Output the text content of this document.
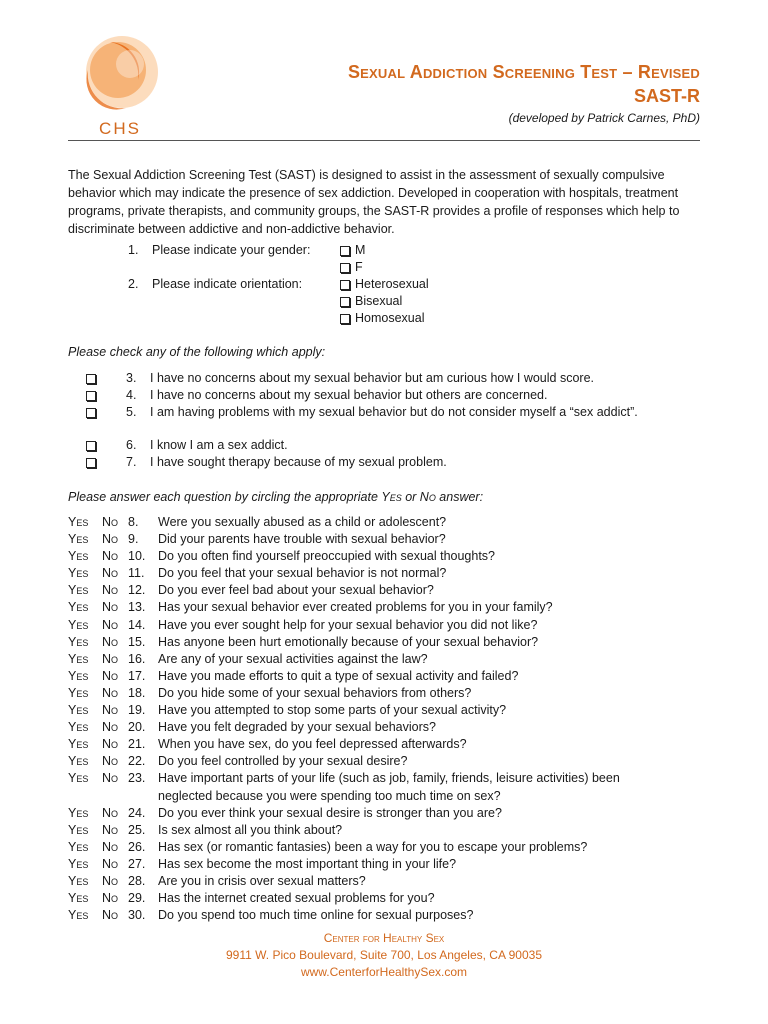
CHS
Sexual Addiction Screening Test – Revised
SAST-R
(developed by Patrick Carnes, PhD)
The Sexual Addiction Screening Test (SAST) is designed to assist in the assessment of sexually compulsive behavior which may indicate the presence of sex addiction. Developed in cooperation with hospitals, treatment programs, private therapists, and community groups, the SAST-R provides a profile of responses which help to discriminate between addictive and non-addictive behavior.
1.	Please indicate your gender:	M
F
2.	Please indicate orientation:	Heterosexual
Bisexual
Homosexual
Please check any of the following which apply:
3.	I have no concerns about my sexual behavior but am curious how I would score.
4.	I have no concerns about my sexual behavior but others are concerned.
5.	I am having problems with my sexual behavior but do not consider myself a “sex addict”.
6.	I know I am a sex addict.
7.	I have sought therapy because of my sexual problem.
Please answer each question by circling the appropriate Yes or No answer:
Yes	No 8.	Were you sexually abused as a child or adolescent?
Yes	No 9.	Did your parents have trouble with sexual behavior?
Yes	No 10.	Do you often find yourself preoccupied with sexual thoughts?
Yes	No 11.	Do you feel that your sexual behavior is not normal?
Yes	No 12.	Do you ever feel bad about your sexual behavior?
Yes	No 13.	Has your sexual behavior ever created problems for you in your family?
Yes	No 14.	Have you ever sought help for your sexual behavior you did not like?
Yes	No 15.	Has anyone been hurt emotionally because of your sexual behavior?
Yes	No 16.	Are any of your sexual activities against the law?
Yes	No 17.	Have you made efforts to quit a type of sexual activity and failed?
Yes	No 18.	Do you hide some of your sexual behaviors from others?
Yes	No 19.	Have you attempted to stop some parts of your sexual activity?
Yes	No 20.	Have you felt degraded by your sexual behaviors?
Yes	No 21.	When you have sex, do you feel depressed afterwards?
Yes	No 22.	Do you feel controlled by your sexual desire?
Yes	No 23.	Have important parts of your life (such as job, family, friends, leisure activities) been neglected because you were spending too much time on sex?
Yes	No 24.	Do you ever think your sexual desire is stronger than you are?
Yes	No 25.	Is sex almost all you think about?
Yes	No 26.	Has sex (or romantic fantasies) been a way for you to escape your problems?
Yes	No 27.	Has sex become the most important thing in your life?
Yes	No 28.	Are you in crisis over sexual matters?
Yes	No 29.	Has the internet created sexual problems for you?
Yes	No 30.	Do you spend too much time online for sexual purposes?
Center for Healthy Sex
9911 W. Pico Boulevard, Suite 700, Los Angeles, CA 90035
www.CenterforHealthySex.com
